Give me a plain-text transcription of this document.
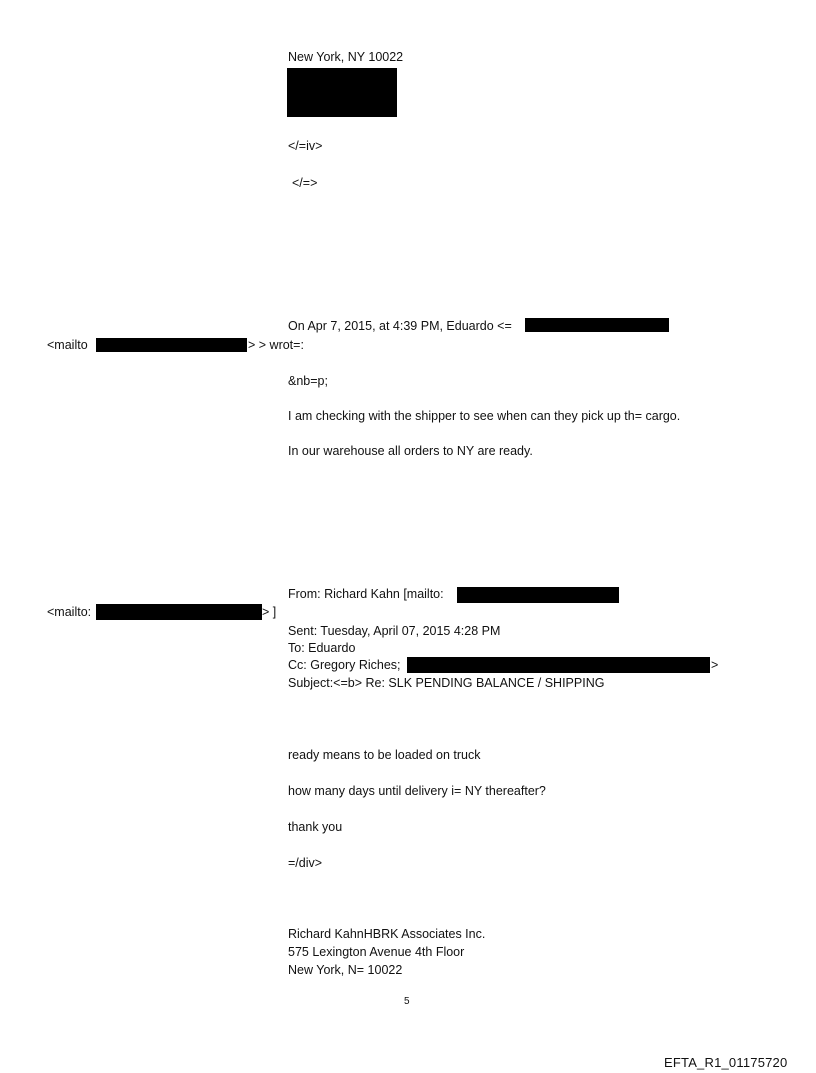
New York, NY 10022
</=iv>
</=>
On Apr 7, 2015, at 4:39 PM, Eduardo <=
<mailto	> > wrot=:
&nb=p;
I am checking with the shipper to see when can they pick up th= cargo.
In our warehouse all orders to NY are ready.
From: Richard Kahn [mailto:
<mailto:	> ]
Sent: Tuesday, April 07, 2015 4:28 PM
To: Eduardo
Cc: Gregory Riches;	>
Subject:<=b> Re: SLK PENDING BALANCE / SHIPPING
ready means to be loaded on truck
how many days until delivery i= NY thereafter?
thank you
=/div>
Richard KahnHBRK Associates Inc.
575 Lexington Avenue 4th Floor
New York, N= 10022
5
EFTA_R1_01175720
